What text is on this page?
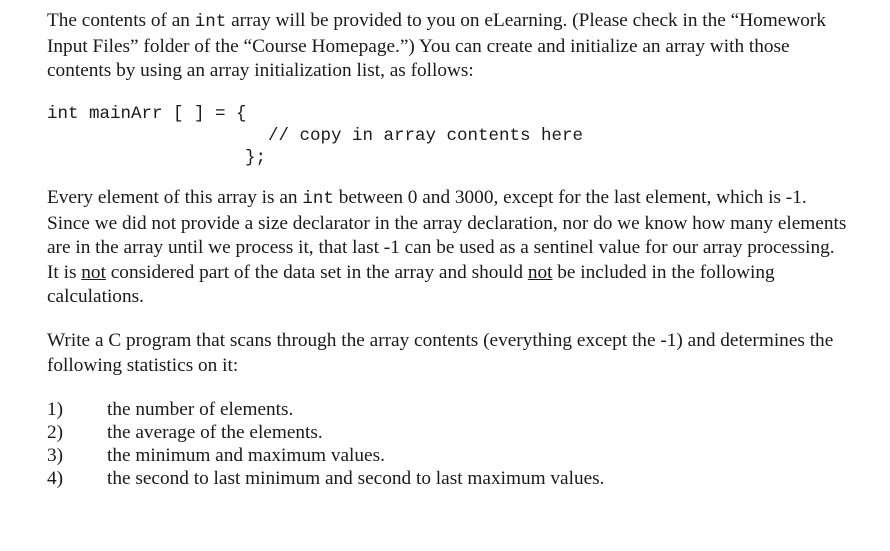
The contents of an int array will be provided to you on eLearning. (Please check in the “Homework Input Files” folder of the “Course Homepage.”) You can create and initialize an array with those contents by using an array initialization list, as follows:

int mainArr [ ] = {

// copy in array contents here

};

Every element of this array is an int between 0 and 3000, except for the last element, which is -1. Since we did not provide a size declarator in the array declaration, nor do we know how many elements are in the array until we process it, that last -1 can be used as a sentinel value for our array processing. It is not considered part of the data set in the array and should not be included in the following calculations.

Write a C program that scans through the array contents (everything except the -1) and determines the following statistics on it:

1) the number of elements.
2) the average of the elements.
3) the minimum and maximum values.
4) the second to last minimum and second to last maximum values.
